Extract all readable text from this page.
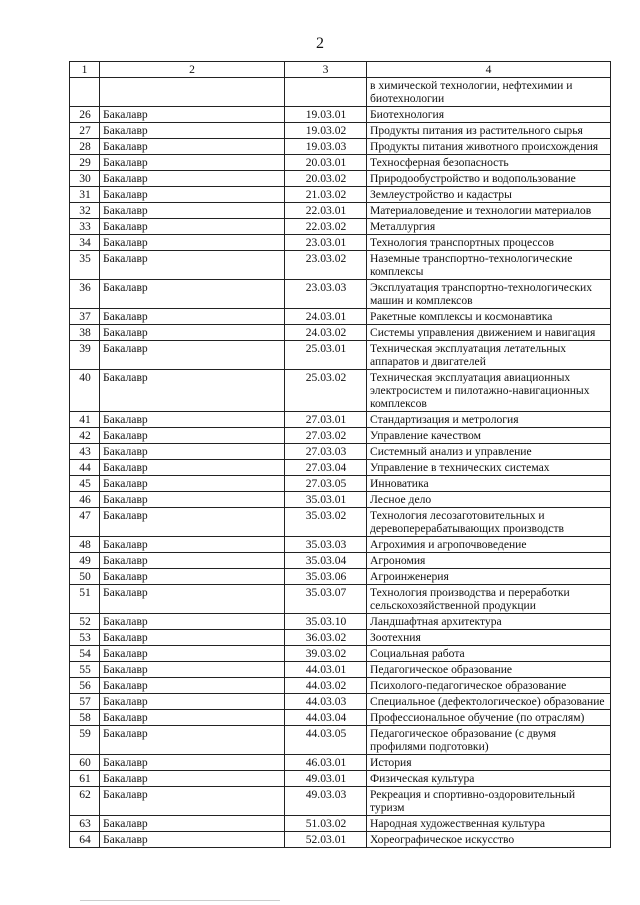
2
1	2	3	4
			в химической технологии, нефтехимии и биотехнологии
26	Бакалавр	19.03.01	Биотехнология
27	Бакалавр	19.03.02	Продукты питания из растительного сырья
28	Бакалавр	19.03.03	Продукты питания животного происхождения
29	Бакалавр	20.03.01	Техносферная безопасность
30	Бакалавр	20.03.02	Природообустройство и водопользование
31	Бакалавр	21.03.02	Землеустройство и кадастры
32	Бакалавр	22.03.01	Материаловедение и технологии материалов
33	Бакалавр	22.03.02	Металлургия
34	Бакалавр	23.03.01	Технология транспортных процессов
35	Бакалавр	23.03.02	Наземные транспортно-технологические комплексы
36	Бакалавр	23.03.03	Эксплуатация транспортно-технологических машин и комплексов
37	Бакалавр	24.03.01	Ракетные комплексы и космонавтика
38	Бакалавр	24.03.02	Системы управления движением и навигация
39	Бакалавр	25.03.01	Техническая эксплуатация летательных аппаратов и двигателей
40	Бакалавр	25.03.02	Техническая эксплуатация авиационных электросистем и пилотажно-навигационных комплексов
41	Бакалавр	27.03.01	Стандартизация и метрология
42	Бакалавр	27.03.02	Управление качеством
43	Бакалавр	27.03.03	Системный анализ и управление
44	Бакалавр	27.03.04	Управление в технических системах
45	Бакалавр	27.03.05	Инноватика
46	Бакалавр	35.03.01	Лесное дело
47	Бакалавр	35.03.02	Технология лесозаготовительных и деревоперерабатывающих производств
48	Бакалавр	35.03.03	Агрохимия и агропочвоведение
49	Бакалавр	35.03.04	Агрономия
50	Бакалавр	35.03.06	Агроинженерия
51	Бакалавр	35.03.07	Технология производства и переработки сельскохозяйственной продукции
52	Бакалавр	35.03.10	Ландшафтная архитектура
53	Бакалавр	36.03.02	Зоотехния
54	Бакалавр	39.03.02	Социальная работа
55	Бакалавр	44.03.01	Педагогическое образование
56	Бакалавр	44.03.02	Психолого-педагогическое образование
57	Бакалавр	44.03.03	Специальное (дефектологическое) образование
58	Бакалавр	44.03.04	Профессиональное обучение (по отраслям)
59	Бакалавр	44.03.05	Педагогическое образование (с двумя профилями подготовки)
60	Бакалавр	46.03.01	История
61	Бакалавр	49.03.01	Физическая культура
62	Бакалавр	49.03.03	Рекреация и спортивно-оздоровительный туризм
63	Бакалавр	51.03.02	Народная художественная культура
64	Бакалавр	52.03.01	Хореографическое искусство
